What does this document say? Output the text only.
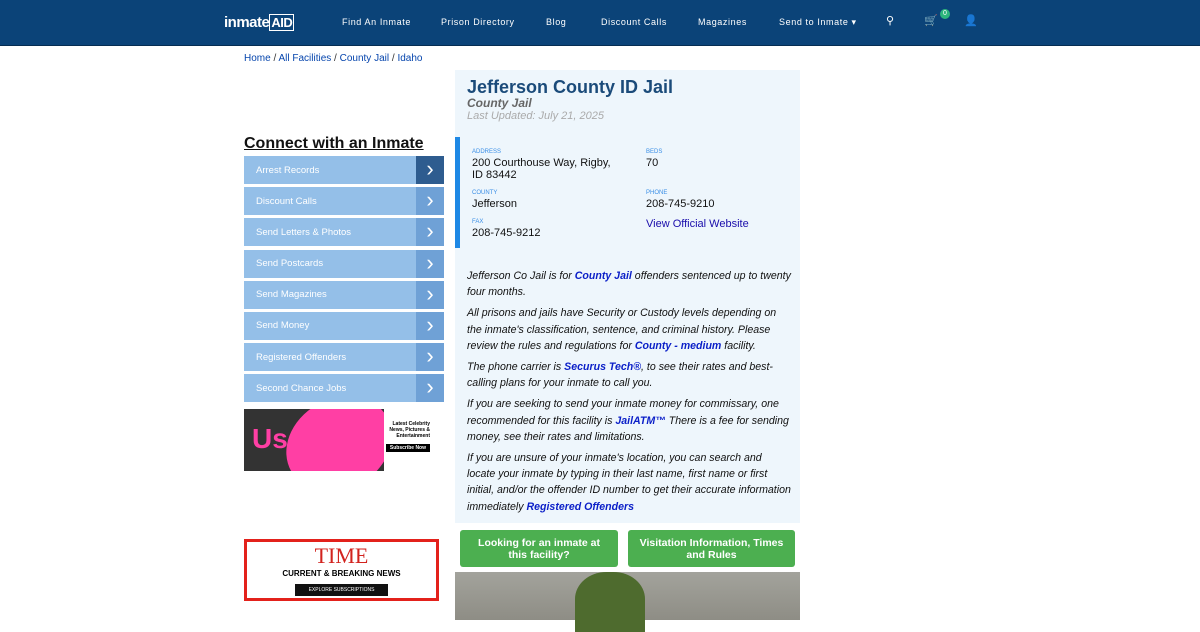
inmate AID	Find An Inmate	Prison Directory	Blog	Discount Calls	Magazines	Send to Inmate ▾	⚲	🛒
0
👤
Home / All Facilities / County Jail / Idaho
Connect with an Inmate
Arrest Records	›
Discount Calls	›
Send Letters & Photos	›
Send Postcards	›
Send Magazines	›
Send Money	›
Registered Offenders	›
Second Chance Jobs	›
Us	Latest Celebrity News, Pictures & Entertainment
Subscribe Now
TIME
CURRENT & BREAKING NEWS
EXPLORE SUBSCRIPTIONS
Jefferson County ID Jail
County Jail
Last Updated: July 21, 2025
ADDRESS
200 Courthouse Way, Rigby, ID 83442
BEDS
70
COUNTY
Jefferson
PHONE
208-745-9210
FAX
208-745-9212
View Official Website

Jefferson Co Jail is for County Jail offenders sentenced up to twenty four months.

All prisons and jails have Security or Custody levels depending on the inmate's classification, sentence, and criminal history. Please review the rules and regulations for County - medium facility.

The phone carrier is Securus Tech®, to see their rates and best-calling plans for your inmate to call you.

If you are seeking to send your inmate money for commissary, one recommended for this facility is JailATM™ There is a fee for sending money, see their rates and limitations.

If you are unsure of your inmate's location, you can search and locate your inmate by typing in their last name, first name or first initial, and/or the offender ID number to get their accurate information immediately Registered Offenders

Looking for an inmate at this facility?
Visitation Information, Times and Rules
